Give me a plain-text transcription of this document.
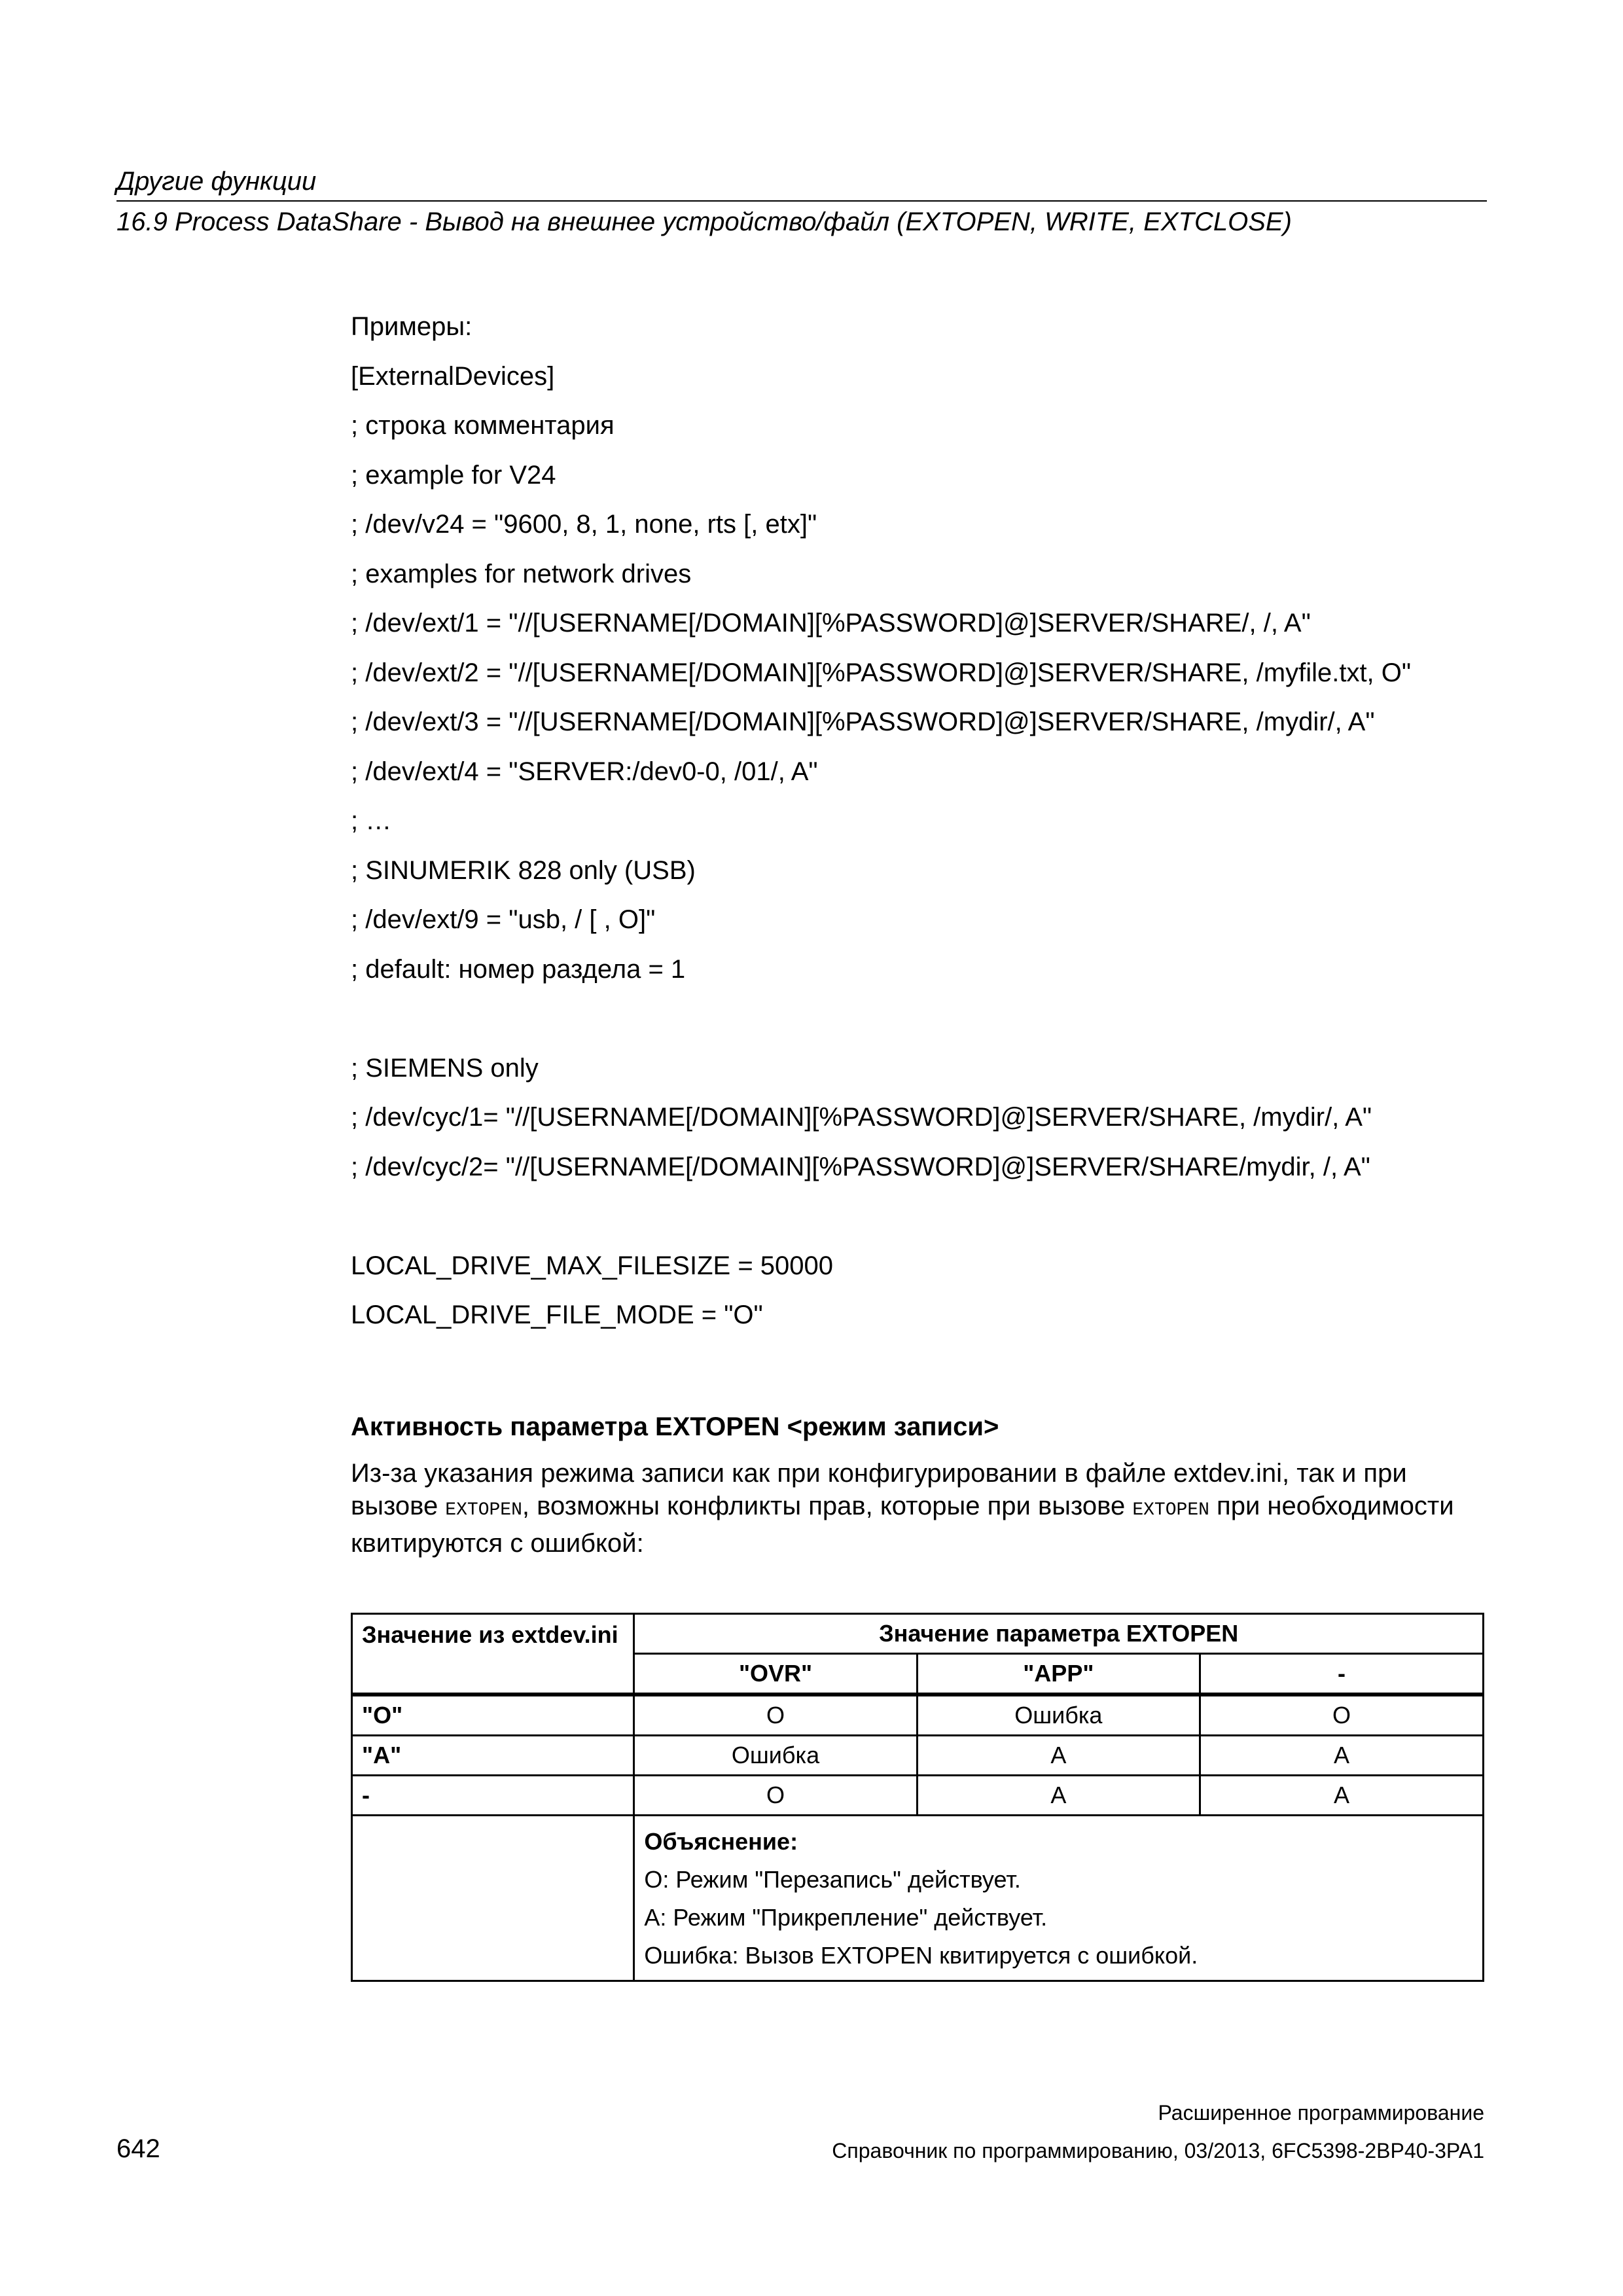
Другие функции
16.9 Process DataShare - Вывод на внешнее устройство/файл (EXTOPEN, WRITE, EXTCLOSE)
Примеры:
[ExternalDevices]
; строка комментария
; example for V24
; /dev/v24 = "9600, 8, 1, none, rts [, etx]"
; examples for network drives
; /dev/ext/1 = "//[USERNAME[/DOMAIN][%PASSWORD]@]SERVER/SHARE/, /, A"
; /dev/ext/2 = "//[USERNAME[/DOMAIN][%PASSWORD]@]SERVER/SHARE, /myfile.txt, O"
; /dev/ext/3 = "//[USERNAME[/DOMAIN][%PASSWORD]@]SERVER/SHARE, /mydir/, A"
; /dev/ext/4 = "SERVER:/dev0-0, /01/, A"
; …
; SINUMERIK 828 only (USB)
; /dev/ext/9 = "usb, / [ , O]"
; default: номер раздела = 1
; SIEMENS only
; /dev/cyc/1= "//[USERNAME[/DOMAIN][%PASSWORD]@]SERVER/SHARE, /mydir/, A"
; /dev/cyc/2= "//[USERNAME[/DOMAIN][%PASSWORD]@]SERVER/SHARE/mydir, /, A"
LOCAL_DRIVE_MAX_FILESIZE = 50000
LOCAL_DRIVE_FILE_MODE = "O"
Активность параметра EXTOPEN <режим записи>
Из-за указания режима записи как при конфигурировании в файле extdev.ini, так и при вызове EXTOPEN, возможны конфликты прав, которые при вызове EXTOPEN при необходимости квитируются с ошибкой:
Значение из extdev.ini	Значение параметра EXTOPEN		
	"OVR"	"APP"	-
"O"	O	Ошибка	O
"A"	Ошибка	A	A
-	O	A	A

	Объяснение:
O: Режим "Перезапись" действует.
A: Режим "Прикрепление" действует.
Ошибка: Вызов EXTOPEN квитируется с ошибкой.		
Расширенное программирование
642	Справочник по программированию, 03/2013, 6FC5398-2BP40-3PA1
